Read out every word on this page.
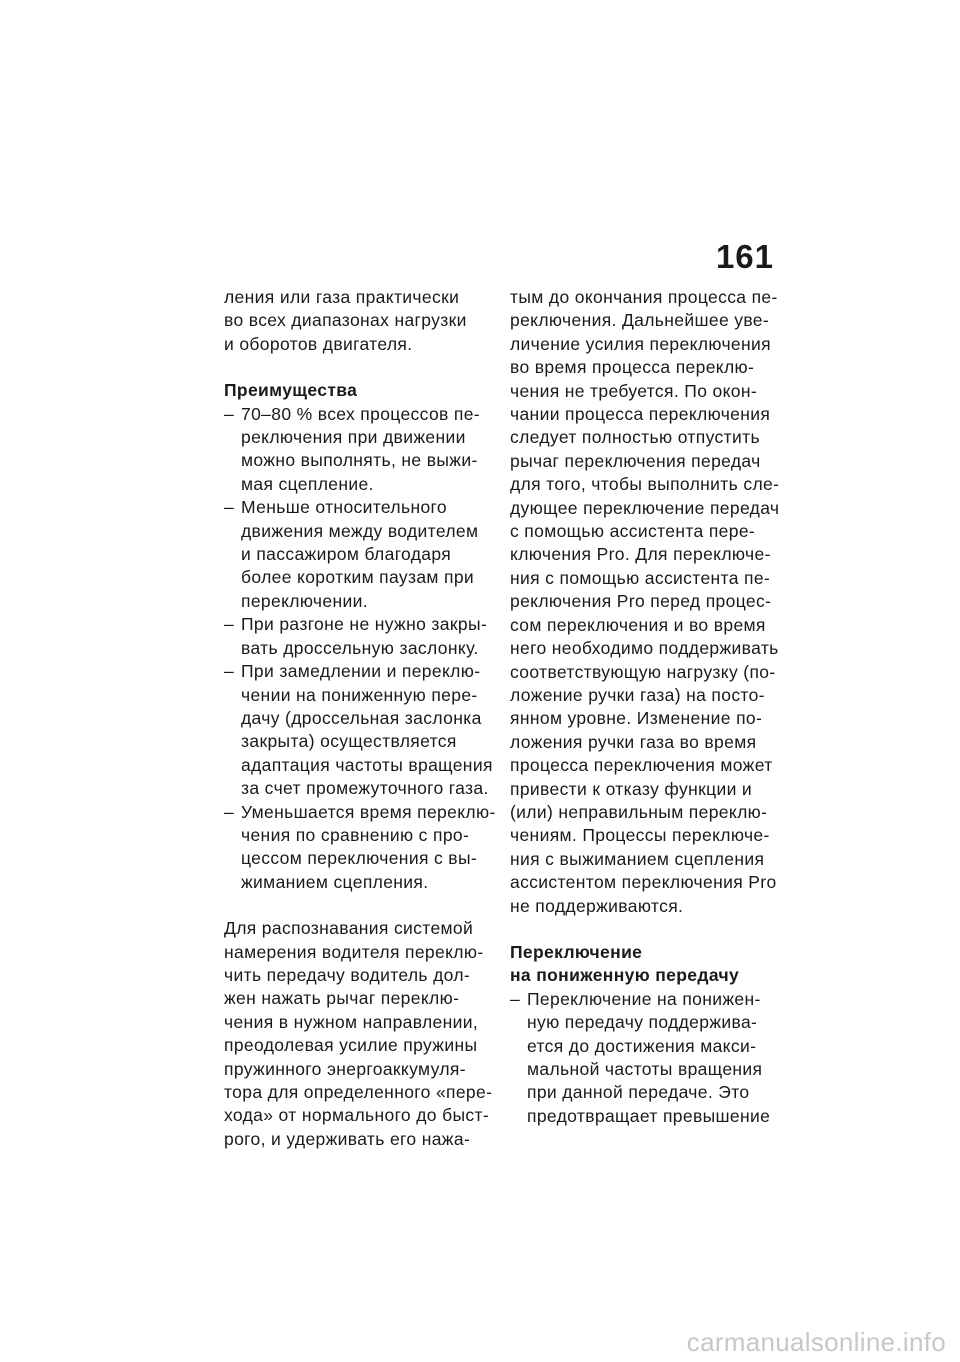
161

ления или газа практически
во всех диапазонах нагрузки
и оборотов двигателя.

Преимущества
– 70–80 % всех процессов пе-
реключения при движении
можно выполнять, не выжи-
мая сцепление.
– Меньше относительного
движения между водителем
и пассажиром благодаря
более коротким паузам при
переключении.
– При разгоне не нужно закры-
вать дроссельную заслонку.
– При замедлении и переклю-
чении на пониженную пере-
дачу (дроссельная заслонка
закрыта) осуществляется
адаптация частоты вращения
за счет промежуточного газа.
– Уменьшается время переклю-
чения по сравнению с про-
цессом переключения с вы-
жиманием сцепления.

Для распознавания системой
намерения водителя переклю-
чить передачу водитель дол-
жен нажать рычаг переклю-
чения в нужном направлении,
преодолевая усилие пружины
пружинного энергоаккумуля-
тора для определенного «пере-
хода» от нормального до быст-
рого, и удерживать его нажа-

тым до окончания процесса пе-
реключения. Дальнейшее уве-
личение усилия переключения
во время процесса переклю-
чения не требуется. По окон-
чании процесса переключения
следует полностью отпустить
рычаг переключения передач
для того, чтобы выполнить сле-
дующее переключение передач
с помощью ассистента пере-
ключения Pro. Для переключе-
ния с помощью ассистента пе-
реключения Pro перед процес-
сом переключения и во время
него необходимо поддерживать
соответствующую нагрузку (по-
ложение ручки газа) на посто-
янном уровне. Изменение по-
ложения ручки газа во время
процесса переключения может
привести к отказу функции и
(или) неправильным переклю-
чениям. Процессы переключе-
ния с выжиманием сцепления
ассистентом переключения Pro
не поддерживаются.

Переключение
на пониженную передачу
– Переключение на понижен-
ную передачу поддержива-
ется до достижения макси-
мальной частоты вращения
при данной передаче. Это
предотвращает превышение
carmanualsonline.info
